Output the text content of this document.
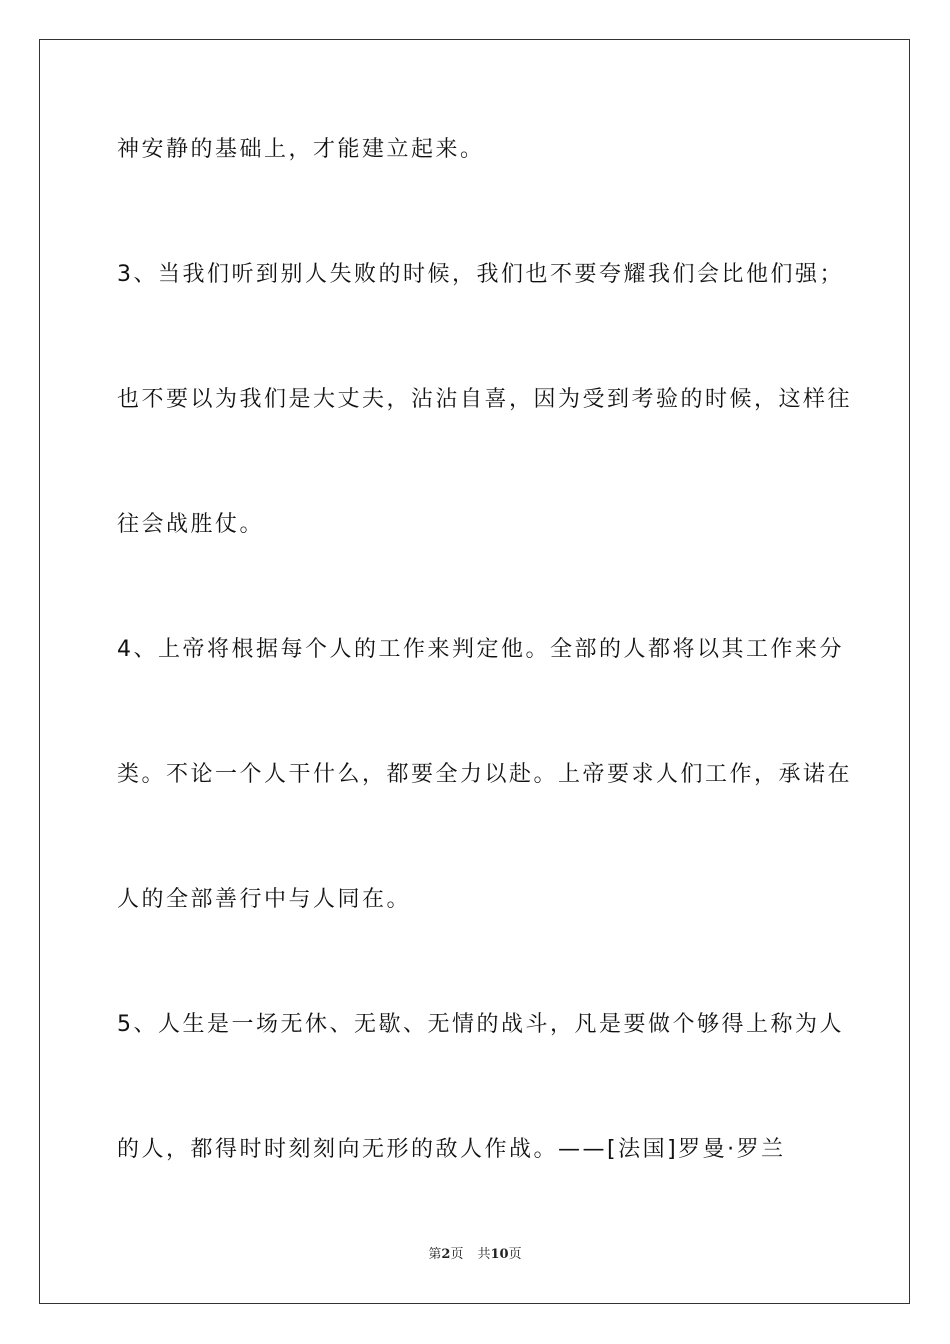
神安静的基础上，才能建立起来。
3、当我们听到别人失败的时候，我们也不要夸耀我们会比他们强；
也不要以为我们是大丈夫，沾沾自喜，因为受到考验的时候，这样往
往会战胜仗。
4、上帝将根据每个人的工作来判定他。全部的人都将以其工作来分
类。不论一个人干什么，都要全力以赴。上帝要求人们工作，承诺在
人的全部善行中与人同在。
5、人生是一场无休、无歇、无情的战斗，凡是要做个够得上称为人
的人，都得时时刻刻向无形的敌人作战。——[法国]罗曼·罗兰
第2页 共10页
